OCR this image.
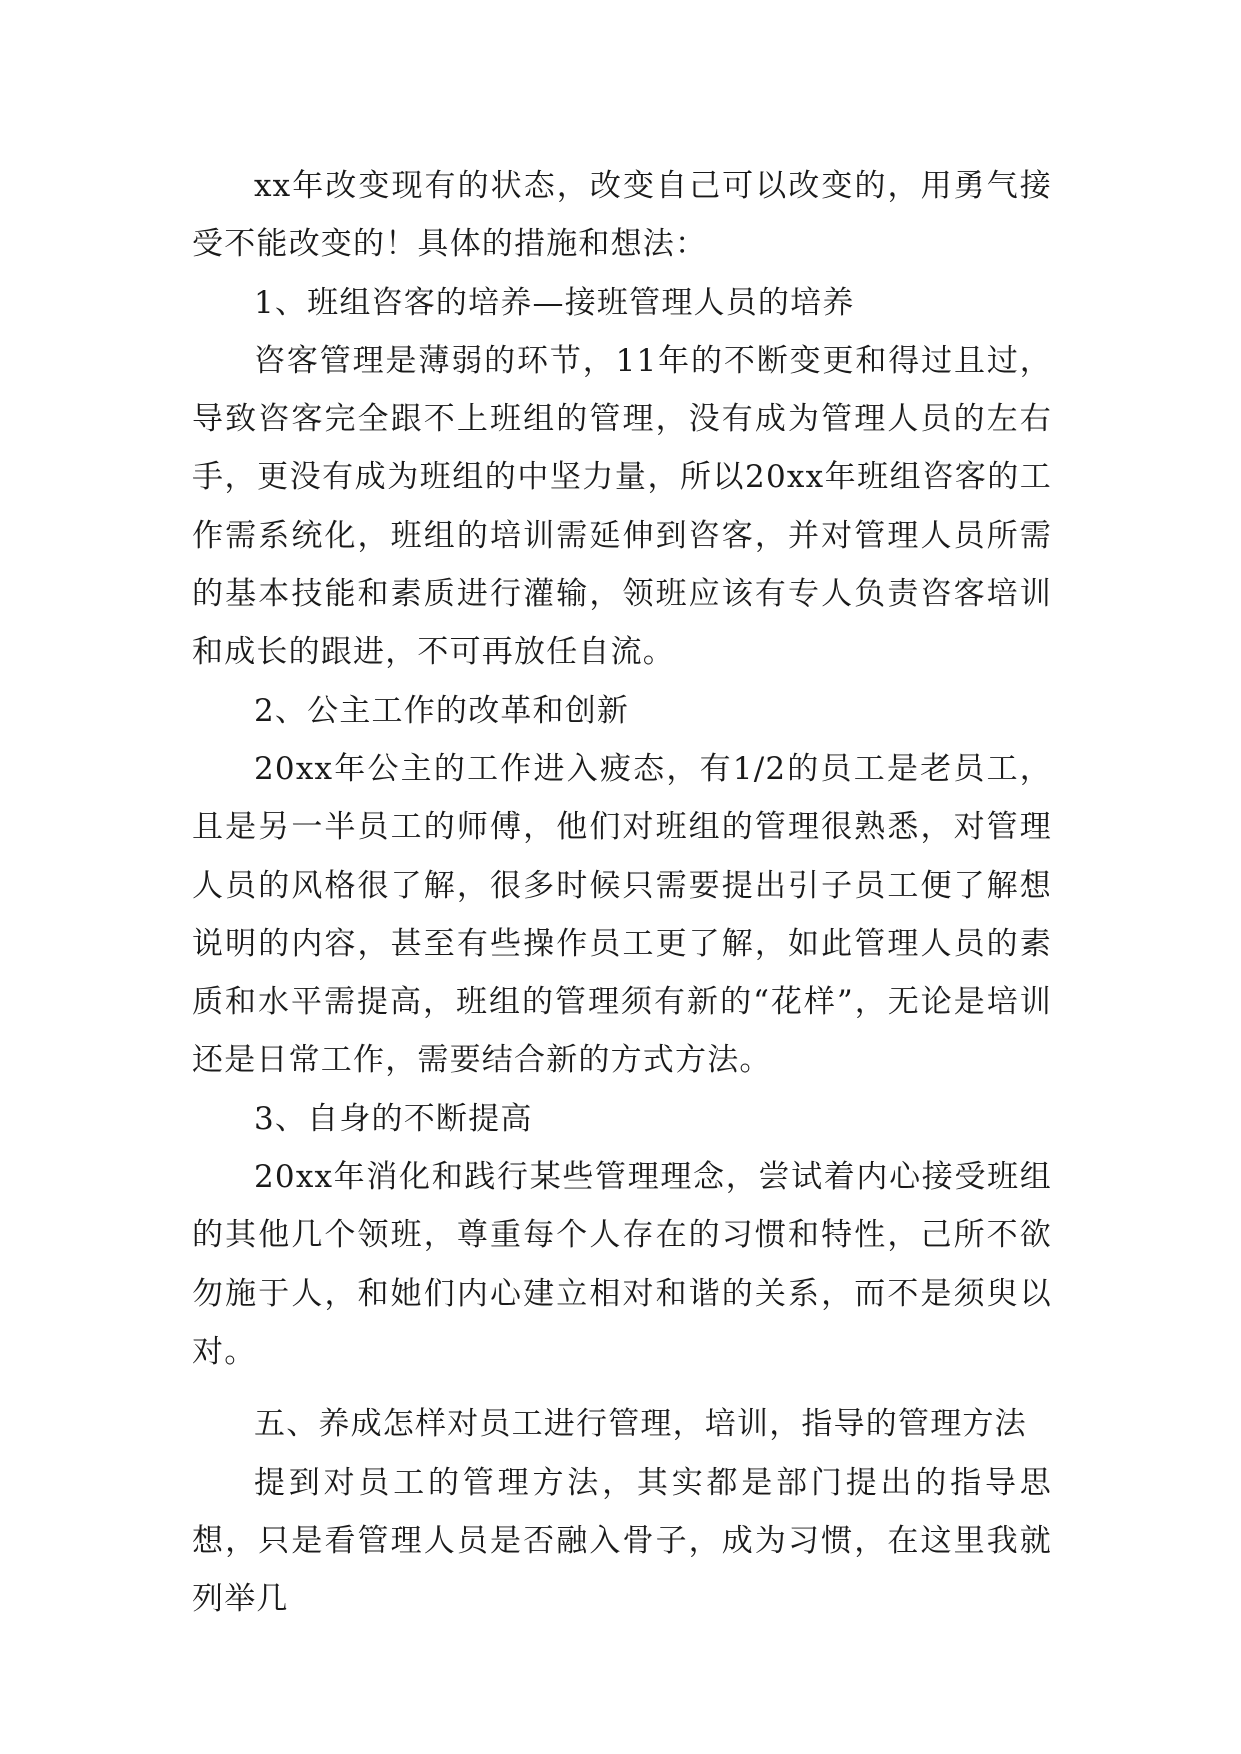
xx年改变现有的状态，改变自己可以改变的，用勇气接受不能改变的！具体的措施和想法：

1、班组咨客的培养—接班管理人员的培养

咨客管理是薄弱的环节，11年的不断变更和得过且过，导致咨客完全跟不上班组的管理，没有成为管理人员的左右手，更没有成为班组的中坚力量，所以20xx年班组咨客的工作需系统化，班组的培训需延伸到咨客，并对管理人员所需的基本技能和素质进行灌输，领班应该有专人负责咨客培训和成长的跟进，不可再放任自流。

2、公主工作的改革和创新

20xx年公主的工作进入疲态，有1/2的员工是老员工，且是另一半员工的师傅，他们对班组的管理很熟悉，对管理人员的风格很了解，很多时候只需要提出引子员工便了解想说明的内容，甚至有些操作员工更了解，如此管理人员的素质和水平需提高，班组的管理须有新的“花样”，无论是培训还是日常工作，需要结合新的方式方法。

3、自身的不断提高

20xx年消化和践行某些管理理念，尝试着内心接受班组的其他几个领班，尊重每个人存在的习惯和特性，己所不欲勿施于人，和她们内心建立相对和谐的关系，而不是须臾以对。

五、养成怎样对员工进行管理，培训，指导的管理方法

提到对员工的管理方法，其实都是部门提出的指导思想，只是看管理人员是否融入骨子，成为习惯，在这里我就列举几
